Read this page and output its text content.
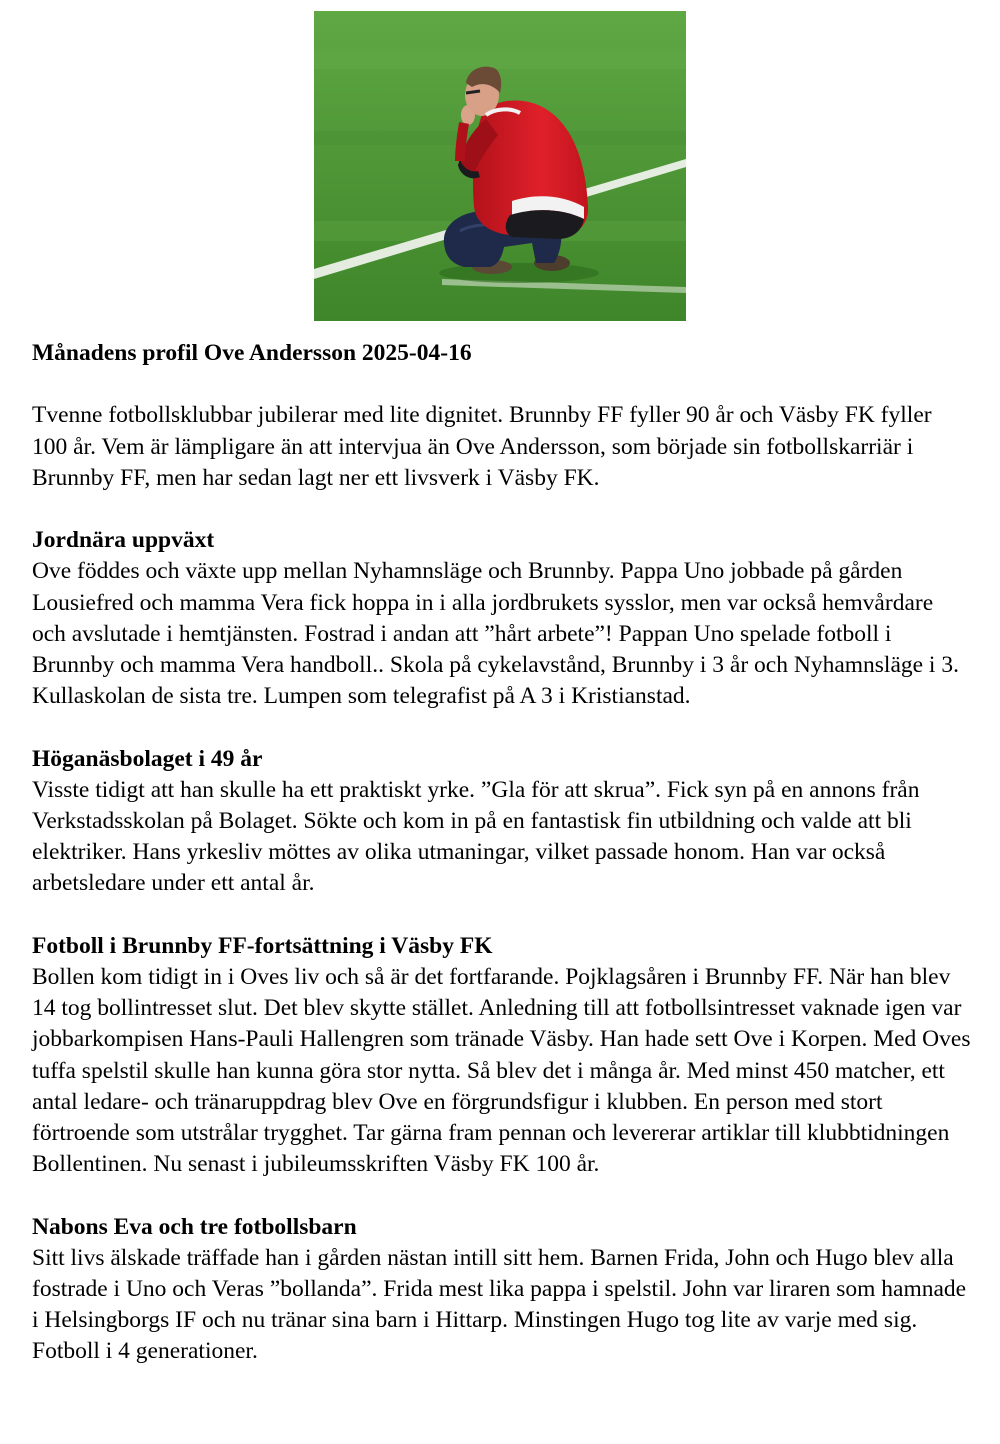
Månadens profil Ove Andersson 2025-04-16

Tvenne fotbollsklubbar jubilerar med lite dignitet. Brunnby FF fyller 90 år och Väsby FK fyller 100 år. Vem är lämpligare än att intervjua än Ove Andersson, som började sin fotbollskarriär i Brunnby FF, men har sedan lagt ner ett livsverk i Väsby FK.

Jordnära uppväxt

Ove föddes och växte upp mellan Nyhamnsläge och Brunnby. Pappa Uno jobbade på gården Lousiefred och mamma Vera fick hoppa in i alla jordbrukets sysslor, men var också hemvårdare och avslutade i hemtjänsten. Fostrad i andan att ”hårt arbete”! Pappan Uno spelade fotboll i Brunnby och mamma Vera handboll.. Skola på cykelavstånd, Brunnby i 3 år och Nyhamnsläge i 3. Kullaskolan de sista tre. Lumpen som telegrafist på A 3 i Kristianstad.

Höganäsbolaget i 49 år

Visste tidigt att han skulle ha ett praktiskt yrke. ”Gla för att skrua”. Fick syn på en annons från Verkstadsskolan på Bolaget. Sökte och kom in på en fantastisk fin utbildning och valde att bli elektriker. Hans yrkesliv möttes av olika utmaningar, vilket passade honom. Han var också arbetsledare under ett antal år.

Fotboll i Brunnby FF-fortsättning i Väsby FK

Bollen kom tidigt in i Oves liv och så är det fortfarande. Pojklagsåren i Brunnby FF. När han blev 14 tog bollintresset slut. Det blev skytte stället. Anledning till att fotbollsintresset vaknade igen var jobbarkompisen Hans-Pauli Hallengren som tränade Väsby. Han hade sett Ove i Korpen. Med Oves tuffa spelstil skulle han kunna göra stor nytta. Så blev det i många år. Med minst 450 matcher, ett antal ledare- och tränaruppdrag blev Ove en förgrundsfigur i klubben. En person med stort förtroende som utstrålar trygghet. Tar gärna fram pennan och levererar artiklar till klubbtidningen Bollentinen. Nu senast i jubileumsskriften Väsby FK 100 år.

Nabons Eva och tre fotbollsbarn

Sitt livs älskade träffade han i gården nästan intill sitt hem. Barnen Frida, John och Hugo blev alla fostrade i Uno och Veras ”bollanda”. Frida mest lika pappa i spelstil. John var liraren som hamnade i Helsingborgs IF och nu tränar sina barn i Hittarp. Minstingen Hugo tog lite av varje med sig. Fotboll i 4 generationer.
